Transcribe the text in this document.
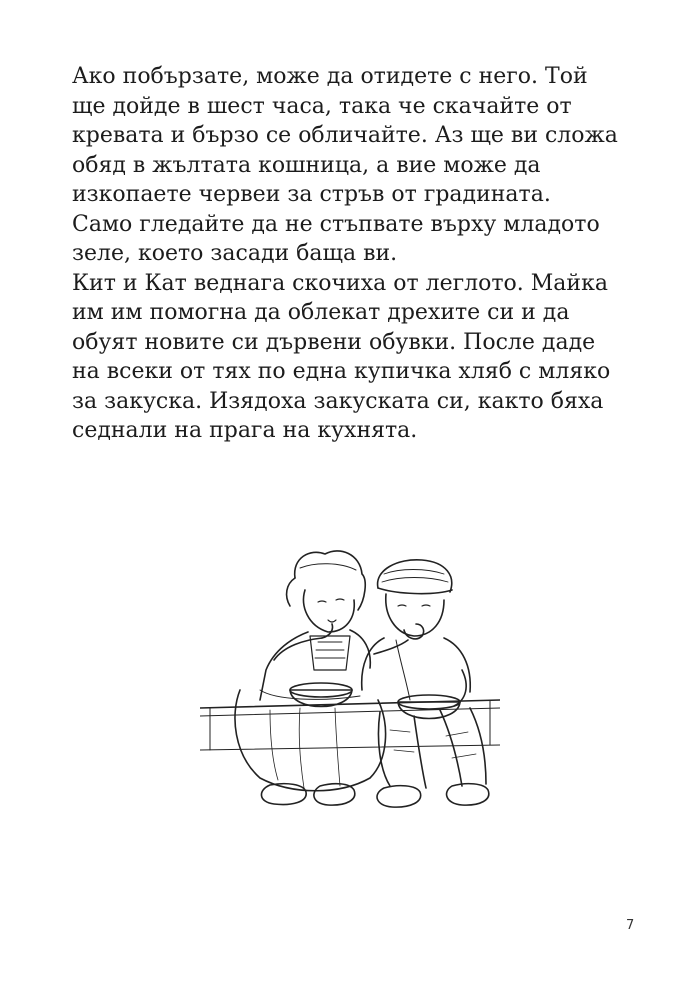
Ако побързате, може да отидете с него. Той
ще дойде в шест часа, така че скачайте от
кревата и бързо се обличайте. Аз ще ви сложа
обяд в жълтата кошница, а вие може да
изкопаете червеи за стръв от градината.
Само гледайте да не стъпвате върху младото
зеле, което засади баща ви.

Кит и Кат веднага скочиха от леглото. Майка
им им помогна да облекат дрехите си и да
обуят новите си дървени обувки. После даде
на всеки от тях по една купичка хляб с мляко
за закуска. Изядоха закуската си, както бяха
седнали на прага на кухнята.

7
